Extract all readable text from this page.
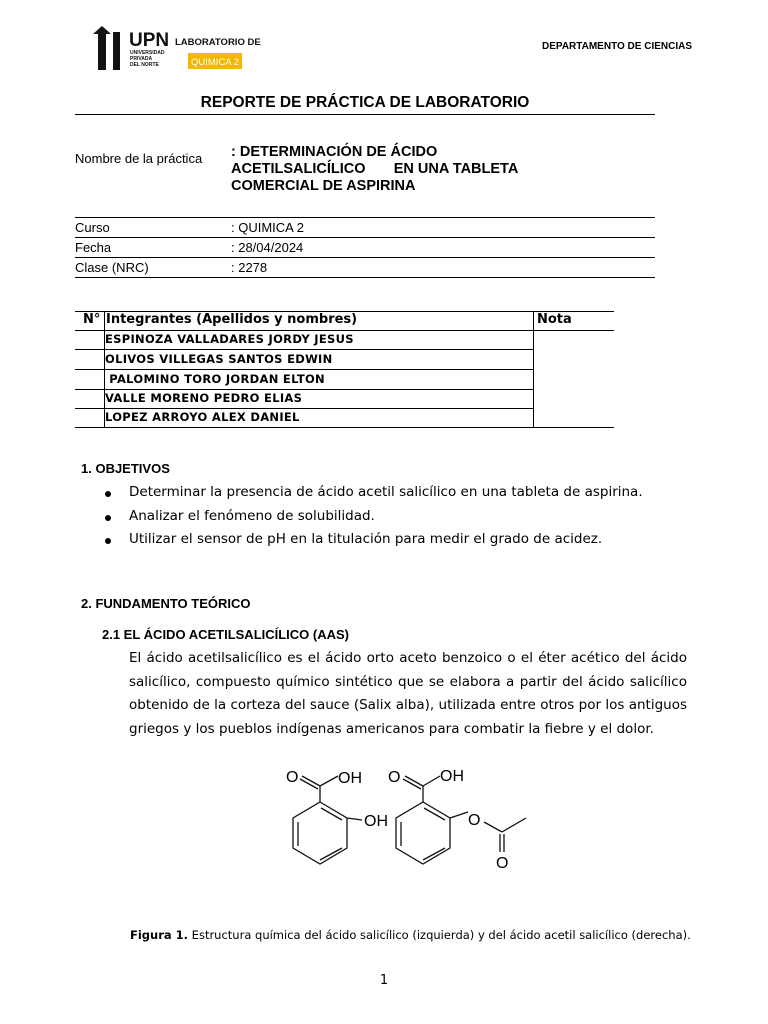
UPN
UNIVERSIDAD
PRIVADA
DEL NORTE
LABORATORIO DE
QUIMICA 2
DEPARTAMENTO DE CIENCIAS
REPORTE DE PRÁCTICA DE LABORATORIO
Nombre de la práctica : DETERMINACIÓN DE ÁCIDO
ACETILSALICÍLICO       EN UNA TABLETA
COMERCIAL DE ASPIRINA
Curso	: QUIMICA 2
Fecha	: 28/04/2024
Clase (NRC)	: 2278
N° Integrantes (Apellidos y nombres)	Nota
ESPINOZA VALLADARES JORDY JESUS
OLIVOS VILLEGAS SANTOS EDWIN
PALOMINO TORO JORDAN ELTON
VALLE MORENO PEDRO ELIAS
LOPEZ ARROYO ALEX DANIEL
1. OBJETIVOS
Determinar la presencia de ácido acetil salicílico en una tableta de aspirina.
Analizar el fenómeno de solubilidad.
Utilizar el sensor de pH en la titulación para medir el grado de acidez.
2. FUNDAMENTO TEÓRICO
2.1 EL ÁCIDO ACETILSALICÍLICO (AAS)
El ácido acetilsalicílico es el ácido orto aceto benzoico o el éter acético del ácido salicílico, compuesto químico sintético que se elabora a partir del ácido salicílico obtenido de la corteza del sauce (Salix alba), utilizada entre otros por los antiguos griegos y los pueblos indígenas americanos para combatir la fiebre y el dolor.
O OH
OH
O OH
O
O
Figura 1. Estructura química del ácido salicílico (izquierda) y del ácido acetil salicílico (derecha).
1
